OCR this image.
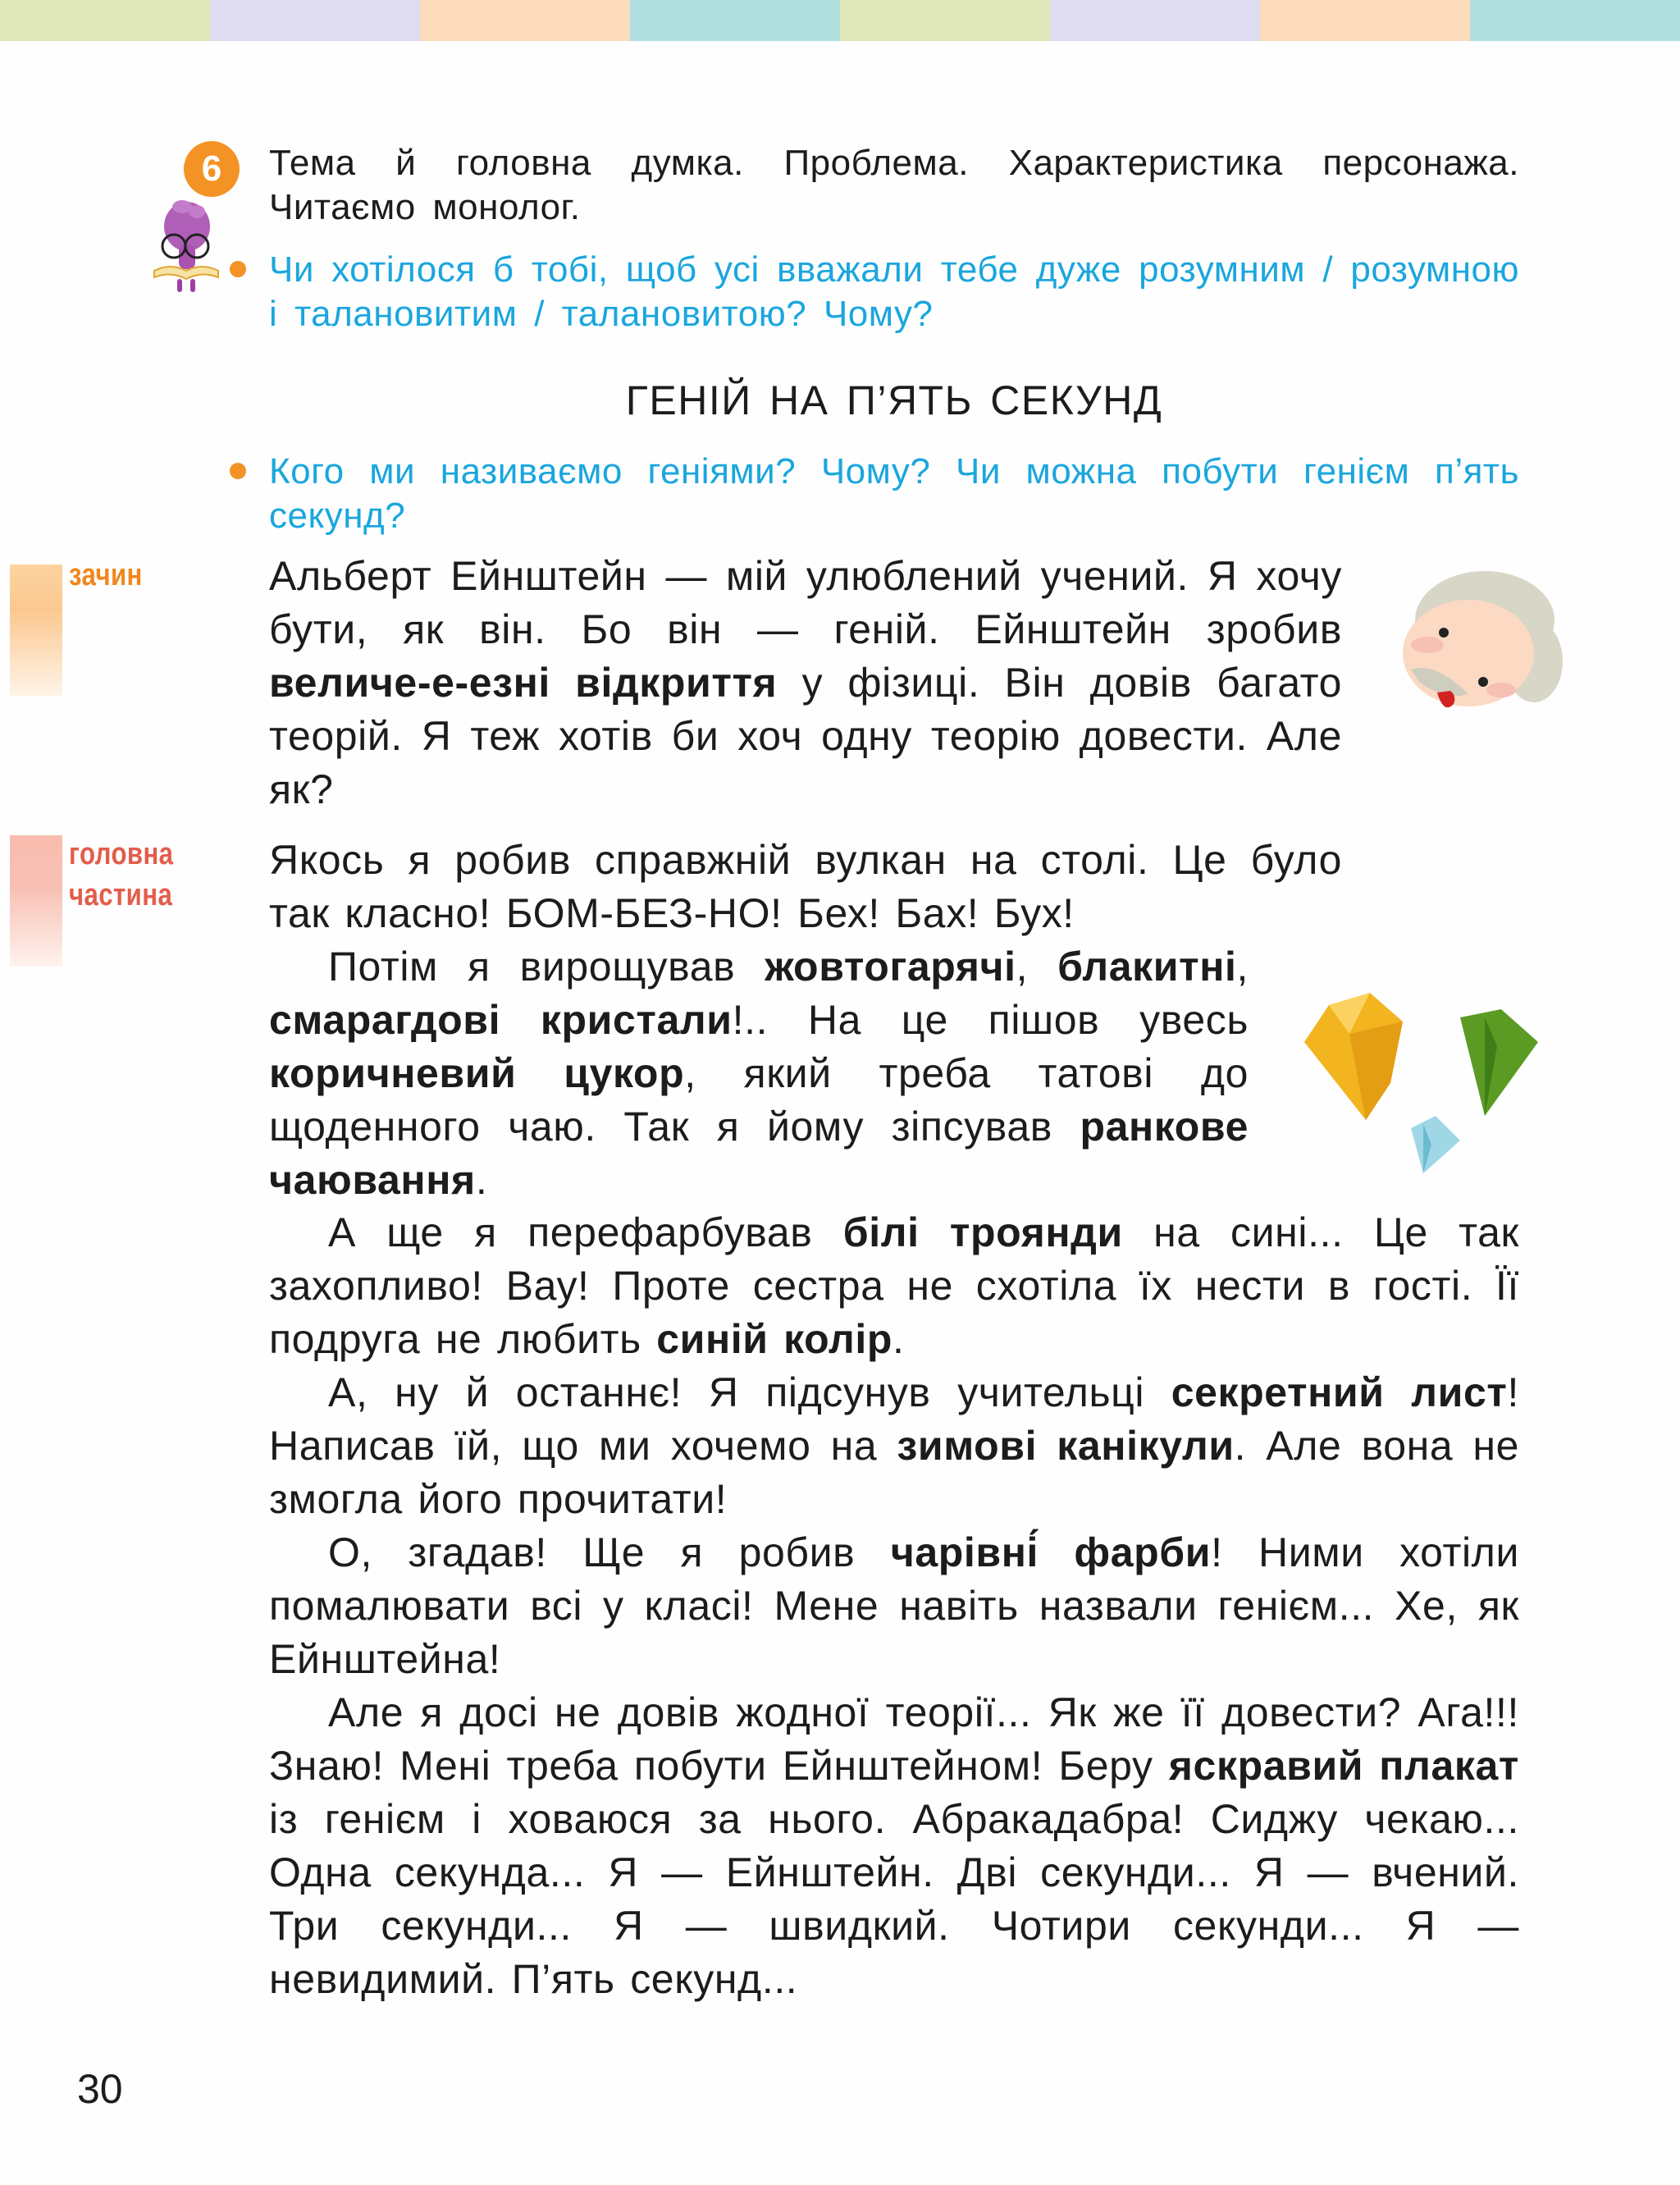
6	Тема й головна думка. Проблема. Характеристика персонажа. Читаємо монолог.
Чи хотілося б тобі, щоб усі вважали тебе дуже розумним / розумною і талановитим / талановитою? Чому?
ГЕНІЙ НА П’ЯТЬ СЕКУНД
Кого ми називаємо геніями? Чому? Чи можна побути генієм п’ять секунд?
зачин
головна
частина

Альберт Ейнштейн — мій улюблений учений. Я хочу бути, як він. Бо він — геній. Ейнштейн зробив величе-е-езні відкриття у фізиці. Він довів багато теорій. Я теж хотів би хоч одну теорію довести. Але як?

Якось я робив справжній вулкан на столі. Це було так класно! БОМ-БЕЗ-НО! Бех! Бах! Бух!

Потім я вирощував жовтогарячі, блакитні, смарагдові кристали!.. На це пішов увесь коричневий цукор, який треба татові до щоденного чаю. Так я йому зіпсував ранкове чаювання.

А ще я перефарбував білі троянди на сині... Це так захопливо! Вау! Проте сестра не схотіла їх нести в гості. Її подруга не любить синій колір.

А, ну й останнє! Я підсунув учительці секретний лист! Написав їй, що ми хочемо на зимові канікули. Але вона не змогла його прочитати!

О, згадав! Ще я робив чарівні́ фарби! Ними хотіли помалювати всі у класі! Мене навіть назвали генієм... Хе, як Ейнштейна!

Але я досі не довів жодної теорії... Як же її довести? Ага!!! Знаю! Мені треба побути Ейнштейном! Беру яскравий плакат із генієм і ховаюся за нього. Абракадабра! Сиджу чекаю... Одна секунда... Я — Ейнштейн. Дві секунди... Я — вчений. Три секунди... Я — швидкий. Чотири секунди... Я — невидимий. П’ять секунд...

30
